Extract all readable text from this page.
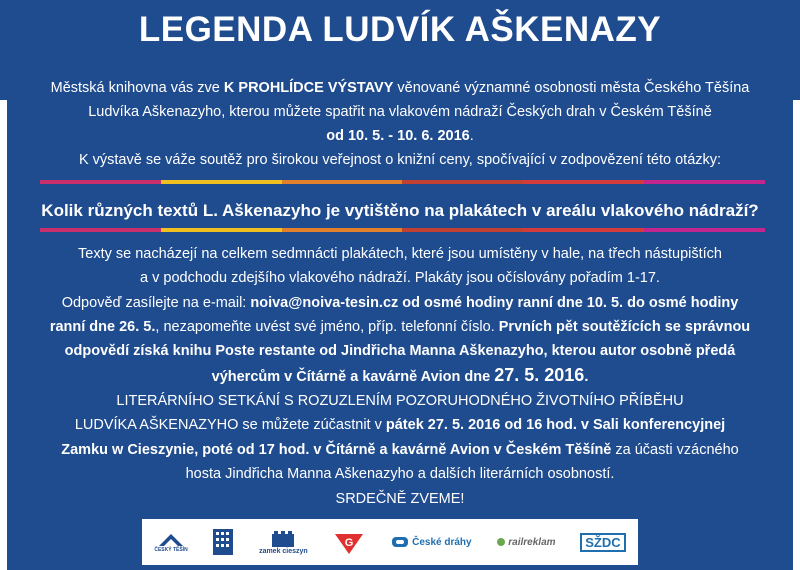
LEGENDA LUDVÍK AŠKENAZY
Městská knihovna vás zve K PROHLÍDCE VÝSTAVY věnované významné osobnosti města Českého Těšína
Ludvíka Aškenazyho, kterou můžete spatřit na vlakovém nádraží Českých drah v Českém Těšíně
od 10. 5. - 10. 6. 2016.
K výstavě se váže soutěž pro širokou veřejnost o knižní ceny, spočívající v zodpovězení této otázky:
Kolik různých textů L. Aškenazyho je vytištěno na plakátech v areálu vlakového nádraží?
Texty se nacházejí na celkem sedmnácti plakátech, které jsou umístěny v hale, na třech nástupištích
a v podchodu zdejšího vlakového nádraží. Plakáty jsou očíslovány pořadím 1-17.
Odpověď zasílejte na e-mail: noiva@noiva-tesin.cz od osmé hodiny ranní dne 10. 5. do osmé hodiny
ranní dne 26. 5., nezapomeňte uvést své jméno, příp. telefonní číslo. Prvních pět soutěžících se správnou
odpovědí získá knihu Poste restante od Jindřicha Manna Aškenazyho, kterou autor osobně předá
výhercům v Čítárně a kavárně Avion dne 27. 5. 2016.
LITERÁRNÍHO SETKÁNÍ S ROZUZLENÍM POZORUHODNÉHO ŽIVOTNÍHO PŘÍBĚHU
LUDVÍKA AŠKENAZYHO se můžete zúčastnit v pátek 27. 5. 2016 od 16 hod. v Sali konferencyjnej
Zamku w Cieszynie, poté od 17 hod. v Čítárně a kavárně Avion v Českém Těšíně za účasti vzácného
hosta Jindřicha Manna Aškenazyho a dalších literárních osobností.
SRDEČNĚ ZVEME!
ČESKÝ TĚŠÍN	zamek cieszyn
G	České dráhy	railreklam	SŽDC
